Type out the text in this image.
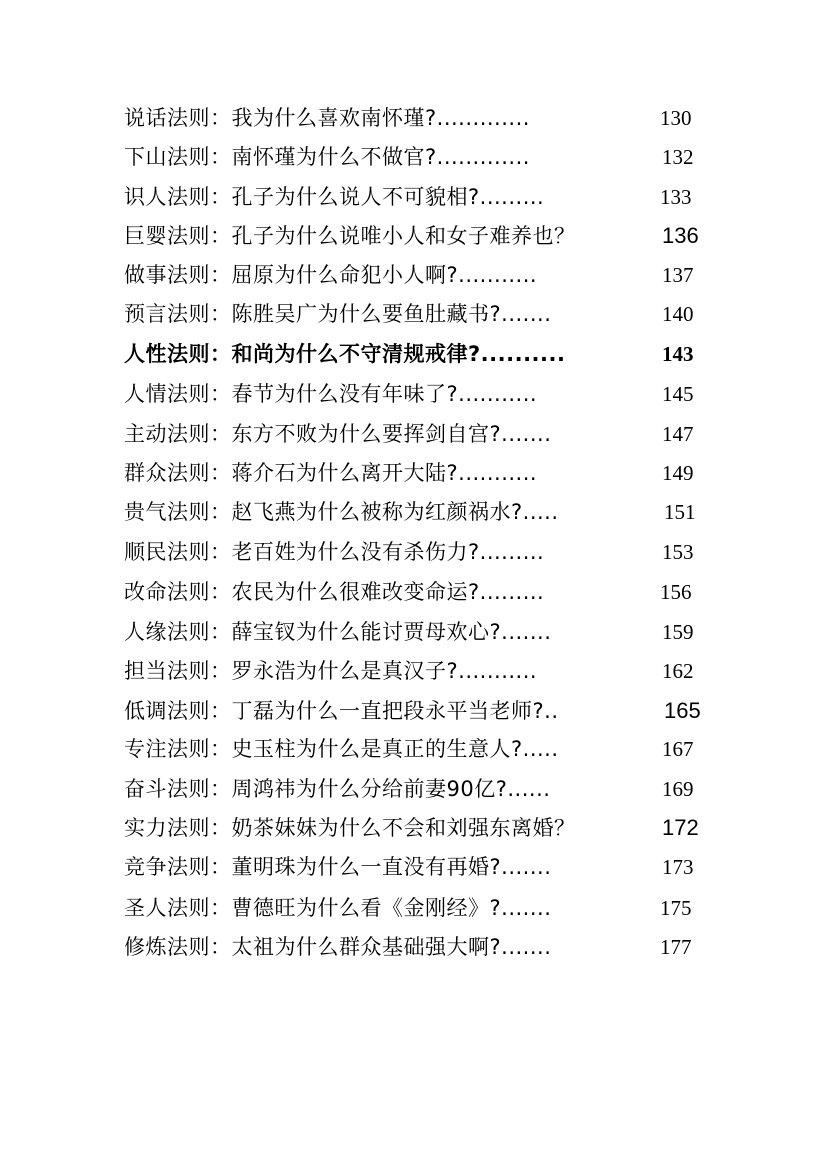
说话法则：我为什么喜欢南怀瑾?.............	130
下山法则：南怀瑾为什么不做官?.............	132
识人法则：孔子为什么说人不可貌相?.........	133
巨婴法则：孔子为什么说唯小人和女子难养也？	136
做事法则：屈原为什么命犯小人啊?...........	137
预言法则：陈胜吴广为什么要鱼肚藏书?.......	140
人性法则：和尚为什么不守清规戒律?..........	143
人情法则：春节为什么没有年味了?...........	145
主动法则：东方不败为什么要挥剑自宫?.......	147
群众法则：蒋介石为什么离开大陆?...........	149
贵气法则：赵飞燕为什么被称为红颜祸水?.....	151
顺民法则：老百姓为什么没有杀伤力?.........	153
改命法则：农民为什么很难改变命运?.........	156
人缘法则：薛宝钗为什么能讨贾母欢心?.......	159
担当法则：罗永浩为什么是真汉子?...........	162
低调法则：丁磊为什么一直把段永平当老师?..	165
专注法则：史玉柱为什么是真正的生意人?.....	167
奋斗法则：周鸿祎为什么分给前妻90亿?......	169
实力法则：奶茶妹妹为什么不会和刘强东离婚？	172
竞争法则：董明珠为什么一直没有再婚?.......	173
圣人法则：曹德旺为什么看《金刚经》?.......	175
修炼法则：太祖为什么群众基础强大啊?.......	177
